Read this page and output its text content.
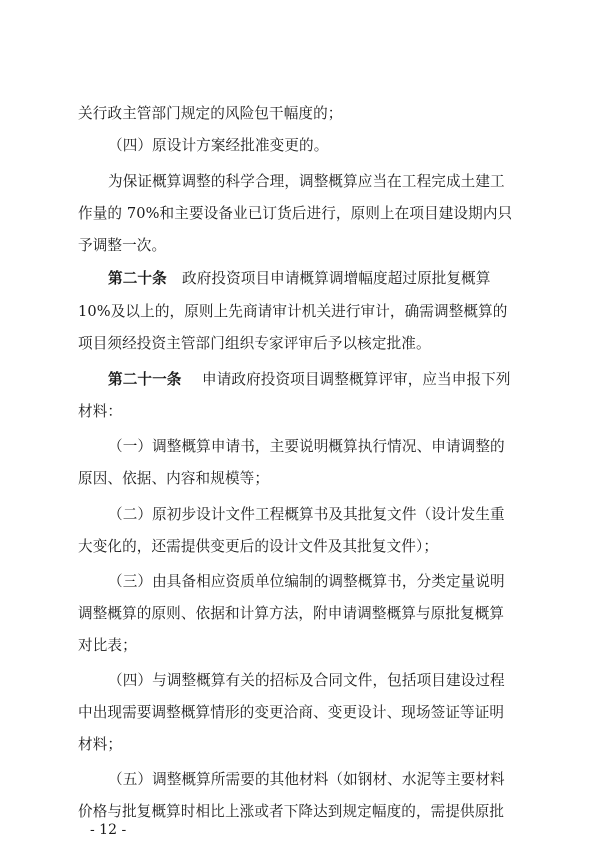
关行政主管部门规定的风险包干幅度的；
（四）原设计方案经批准变更的。
为保证概算调整的科学合理，调整概算应当在工程完成土建工
作量的 70%和主要设备业已订货后进行，原则上在项目建设期内只
予调整一次。
第二十条 政府投资项目申请概算调增幅度超过原批复概算
10%及以上的，原则上先商请审计机关进行审计，确需调整概算的
项目须经投资主管部门组织专家评审后予以核定批准。
第二十一条 申请政府投资项目调整概算评审，应当申报下列
材料：
（一）调整概算申请书，主要说明概算执行情况、申请调整的
原因、依据、内容和规模等；
（二）原初步设计文件工程概算书及其批复文件（设计发生重
大变化的，还需提供变更后的设计文件及其批复文件）；
（三）由具备相应资质单位编制的调整概算书，分类定量说明
调整概算的原则、依据和计算方法，附申请调整概算与原批复概算
对比表；
（四）与调整概算有关的招标及合同文件，包括项目建设过程
中出现需要调整概算情形的变更洽商、变更设计、现场签证等证明
材料；
（五）调整概算所需要的其他材料（如钢材、水泥等主要材料
价格与批复概算时相比上涨或者下降达到规定幅度的，需提供原批
- 12 -
